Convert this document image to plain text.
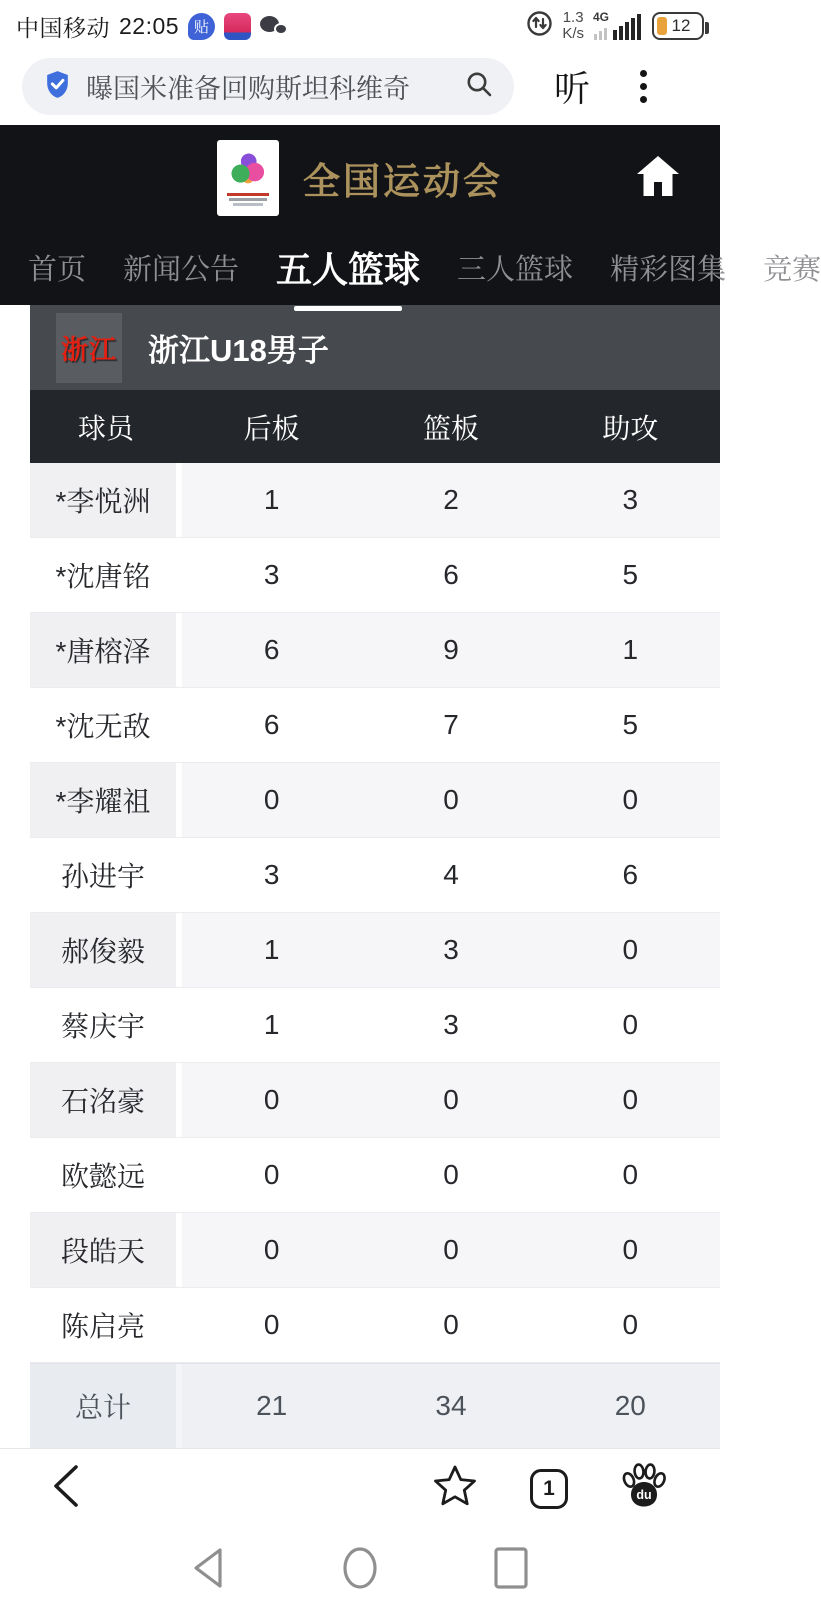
中国移动 22:05 贴
1.3
K/s
4G	12
曝国米准备回购斯坦科维奇	听
全国运动会
首页 新闻公告 五人篮球 三人篮球 精彩图集 竞赛
浙江 浙江U18男子
球员	后板	篮板	助攻
*李悦洲	1	2	3
*沈唐铭	3	6	5
*唐榕泽	6	9	1
*沈无敌	6	7	5
*李耀祖	0	0	0
孙进宇	3	4	6
郝俊毅	1	3	0
蔡庆宇	1	3	0
石洺豪	0	0	0
欧懿远	0	0	0
段皓天	0	0	0
陈启亮	0	0	0
总计	21	34	20
1	du
